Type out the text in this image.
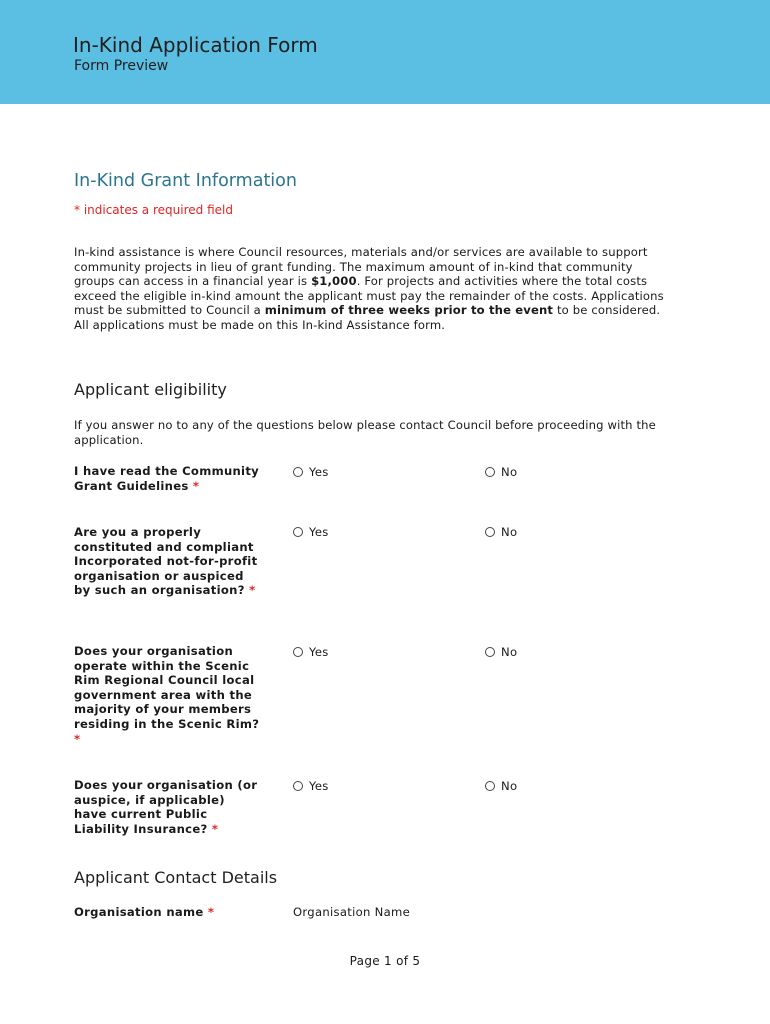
In-Kind Application Form
Form Preview
In-Kind Grant Information
* indicates a required field
In-kind assistance is where Council resources, materials and/or services are available to support community projects in lieu of grant funding. The maximum amount of in-kind that community groups can access in a financial year is $1,000. For projects and activities where the total costs exceed the eligible in-kind amount the applicant must pay the remainder of the costs. Applications must be submitted to Council a minimum of three weeks prior to the event to be considered. All applications must be made on this In-kind Assistance form.
Applicant eligibility
If you answer no to any of the questions below please contact Council before proceeding with the application.
I have read the Community Grant Guidelines *
Yes	No
Are you a properly constituted and compliant Incorporated not-for-profit organisation or auspiced by such an organisation? *
Yes	No
Does your organisation operate within the Scenic Rim Regional Council local government area with the majority of your members residing in the Scenic Rim? *
Yes	No
Does your organisation (or auspice, if applicable) have current Public Liability Insurance? *
Yes	No
Applicant Contact Details
Organisation name *	Organisation Name
Page 1 of 5
